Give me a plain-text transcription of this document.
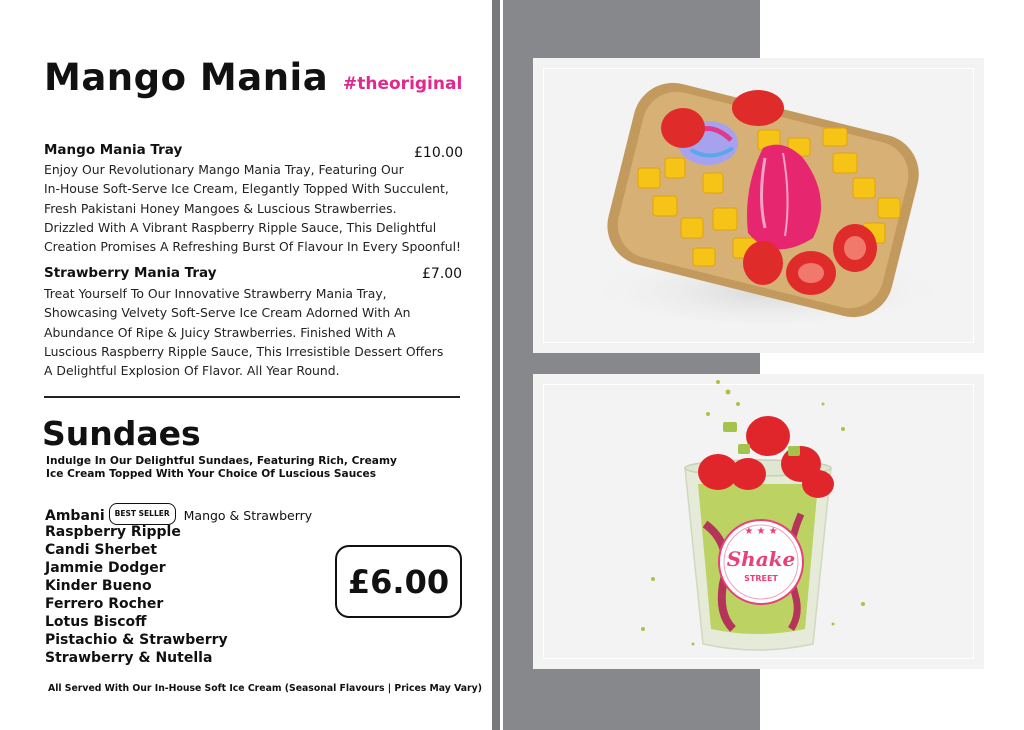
Mango Mania #theoriginal
Mango Mania Tray	£10.00
Enjoy Our Revolutionary Mango Mania Tray, Featuring Our
In-House Soft-Serve Ice Cream, Elegantly Topped With Succulent,
Fresh Pakistani Honey Mangoes & Luscious Strawberries.
Drizzled With A Vibrant Raspberry Ripple Sauce, This Delightful
Creation Promises A Refreshing Burst Of Flavour In Every Spoonful!
Strawberry Mania Tray	£7.00
Treat Yourself To Our Innovative Strawberry Mania Tray,
Showcasing Velvety Soft-Serve Ice Cream Adorned With An
Abundance Of Ripe & Juicy Strawberries. Finished With A
Luscious Raspberry Ripple Sauce, This Irresistible Dessert Offers
A Delightful Explosion Of Flavor. All Year Round.
Sundaes
Indulge In Our Delightful Sundaes, Featuring Rich, Creamy
Ice Cream Topped With Your Choice Of Luscious Sauces
Ambani BEST SELLER Mango & Strawberry
Raspberry Ripple
Candi Sherbet
Jammie Dodger
Kinder Bueno
Ferrero Rocher
Lotus Biscoff
Pistachio & Strawberry
Strawberry & Nutella
£6.00
All Served With Our In-House Soft Ice Cream (Seasonal Flavours | Prices May Vary)
★ ★ ★
Shake
STREET
